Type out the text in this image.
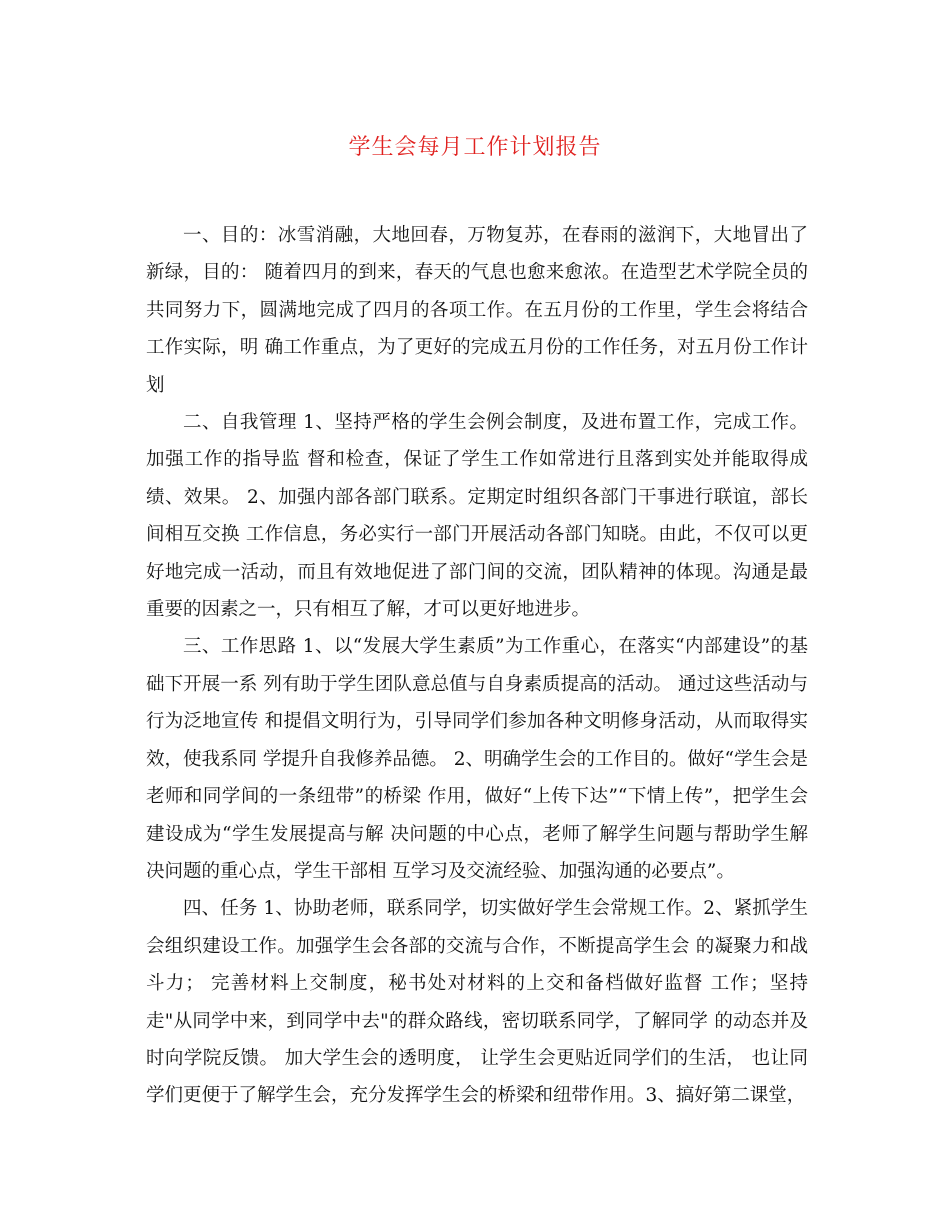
学生会每月工作计划报告

一、目的：冰雪消融，大地回春，万物复苏，在春雨的滋润下，大地冒出了新绿，目的： 随着四月的到来，春天的气息也愈来愈浓。在造型艺术学院全员的共同努力下，圆满地完成了四月的各项工作。在五月份的工作里，学生会将结合工作实际，明 确工作重点，为了更好的完成五月份的工作任务，对五月份工作计划

二、自我管理 1、坚持严格的学生会例会制度，及进布置工作，完成工作。加强工作的指导监 督和检查，保证了学生工作如常进行且落到实处并能取得成绩、效果。 2、加强内部各部门联系。定期定时组织各部门干事进行联谊，部长间相互交换 工作信息，务必实行一部门开展活动各部门知晓。由此，不仅可以更好地完成一活动，而且有效地促进了部门间的交流，团队精神的体现。沟通是最重要的因素之一，只有相互了解，才可以更好地进步。

三、工作思路 1、以“发展大学生素质”为工作重心，在落实“内部建设”的基础下开展一系 列有助于学生团队意总值与自身素质提高的活动。 通过这些活动与行为泛地宣传 和提倡文明行为，引导同学们参加各种文明修身活动，从而取得实效，使我系同 学提升自我修养品德。 2、明确学生会的工作目的。做好“学生会是老师和同学间的一条纽带”的桥梁 作用，做好“上传下达”“下情上传”，把学生会建设成为“学生发展提高与解 决问题的中心点，老师了解学生问题与帮助学生解决问题的重心点，学生干部相 互学习及交流经验、加强沟通的必要点”。

四、任务 1、协助老师，联系同学，切实做好学生会常规工作。2、紧抓学生会组织建设工作。加强学生会各部的交流与合作，不断提高学生会 的凝聚力和战斗力； 完善材料上交制度，秘书处对材料的上交和备档做好监督 工作；坚持走"从同学中来，到同学中去"的群众路线，密切联系同学，了解同学 的动态并及时向学院反馈。 加大学生会的透明度， 让学生会更贴近同学们的生活， 也让同学们更便于了解学生会，充分发挥学生会的桥梁和纽带作用。3、搞好第二课堂，
